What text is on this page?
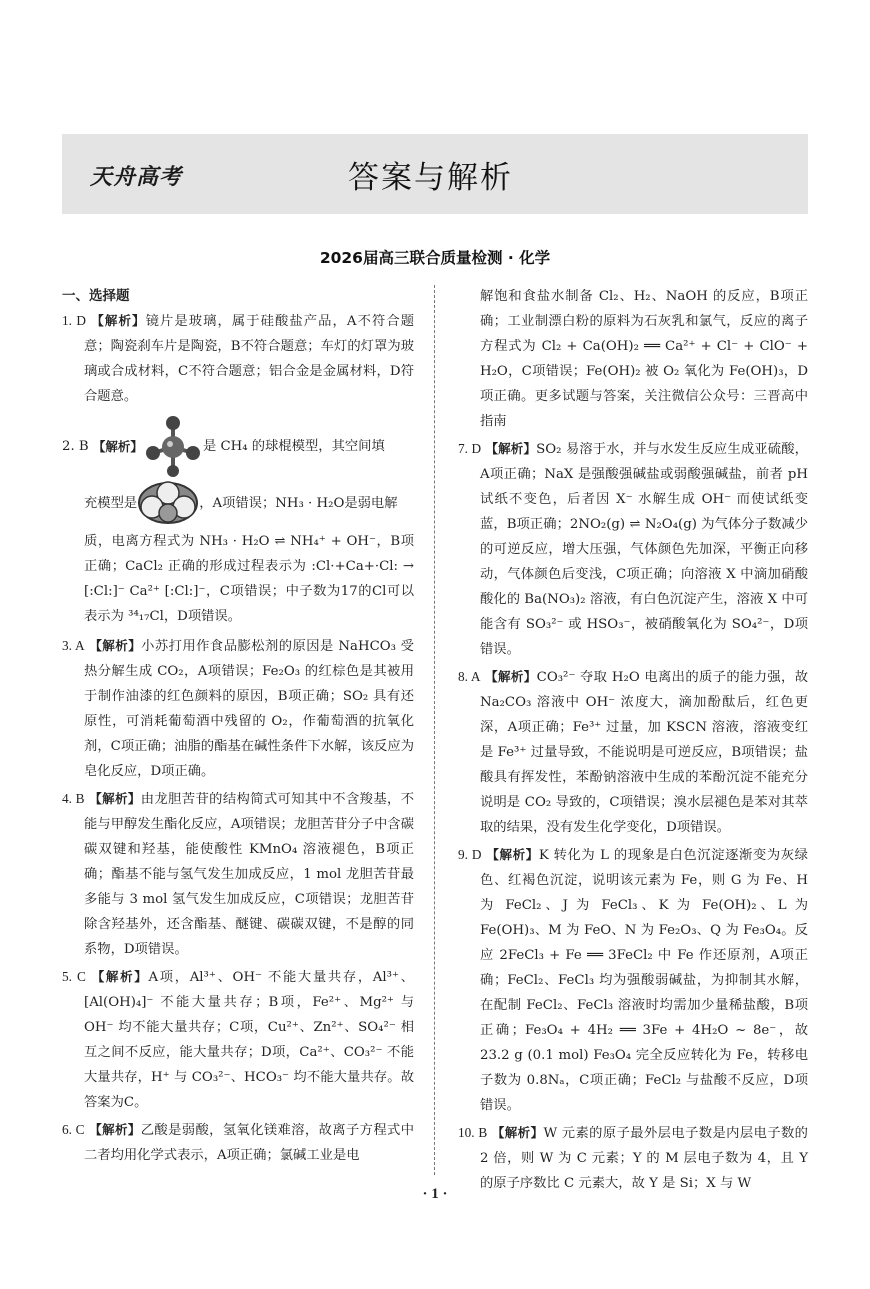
天舟高考	答案与解析
2026届高三联合质量检测 · 化学
一、选择题

1. D 【解析】镜片是玻璃，属于硅酸盐产品，A不符合题意；陶瓷刹车片是陶瓷，B不符合题意；车灯的灯罩为玻璃或合成材料，C不符合题意；铝合金是金属材料，D符合题意。

2. B
【解析】	是 CH₄ 的球棍模型，其空间填
充模型是	，A项错误；NH₃ · H₂O是弱电解

质，电离方程式为 NH₃ · H₂O ⇌ NH₄⁺ + OH⁻，B项正确；CaCl₂ 正确的形成过程表示为 :Cl·+Ca+·Cl: → [:Cl:]⁻ Ca²⁺ [:Cl:]⁻，C项错误；中子数为17的Cl可以表示为 ³⁴₁₇Cl，D项错误。

3. A 【解析】小苏打用作食品膨松剂的原因是 NaHCO₃ 受热分解生成 CO₂，A项错误；Fe₂O₃ 的红棕色是其被用于制作油漆的红色颜料的原因，B项正确；SO₂ 具有还原性，可消耗葡萄酒中残留的 O₂，作葡萄酒的抗氧化剂，C项正确；油脂的酯基在碱性条件下水解，该反应为皂化反应，D项正确。

4. B 【解析】由龙胆苦苷的结构简式可知其中不含羧基，不能与甲醇发生酯化反应，A项错误；龙胆苦苷分子中含碳碳双键和羟基，能使酸性 KMnO₄ 溶液褪色，B项正确；酯基不能与氢气发生加成反应，1 mol 龙胆苦苷最多能与 3 mol 氢气发生加成反应，C项错误；龙胆苦苷除含羟基外，还含酯基、醚键、碳碳双键，不是醇的同系物，D项错误。

5. C 【解析】A项，Al³⁺、OH⁻ 不能大量共存，Al³⁺、[Al(OH)₄]⁻ 不能大量共存；B项，Fe²⁺、Mg²⁺ 与 OH⁻ 均不能大量共存；C项，Cu²⁺、Zn²⁺、SO₄²⁻ 相互之间不反应，能大量共存；D项，Ca²⁺、CO₃²⁻ 不能大量共存，H⁺ 与 CO₃²⁻、HCO₃⁻ 均不能大量共存。故答案为C。

6. C 【解析】乙酸是弱酸，氢氧化镁难溶，故离子方程式中二者均用化学式表示，A项正确；氯碱工业是电

解饱和食盐水制备 Cl₂、H₂、NaOH 的反应，B项正确；工业制漂白粉的原料为石灰乳和氯气，反应的离子方程式为 Cl₂ + Ca(OH)₂ ══ Ca²⁺ + Cl⁻ + ClO⁻ + H₂O，C项错误；Fe(OH)₂ 被 O₂ 氧化为 Fe(OH)₃，D项正确。更多试题与答案，关注微信公众号：三晋高中指南

7. D 【解析】SO₂ 易溶于水，并与水发生反应生成亚硫酸，A项正确；NaX 是强酸强碱盐或弱酸强碱盐，前者 pH 试纸不变色，后者因 X⁻ 水解生成 OH⁻ 而使试纸变蓝，B项正确；2NO₂(g) ⇌ N₂O₄(g) 为气体分子数减少的可逆反应，增大压强，气体颜色先加深，平衡正向移动，气体颜色后变浅，C项正确；向溶液 X 中滴加硝酸酸化的 Ba(NO₃)₂ 溶液，有白色沉淀产生，溶液 X 中可能含有 SO₃²⁻ 或 HSO₃⁻，被硝酸氧化为 SO₄²⁻，D项错误。

8. A 【解析】CO₃²⁻ 夺取 H₂O 电离出的质子的能力强，故 Na₂CO₃ 溶液中 OH⁻ 浓度大，滴加酚酞后，红色更深，A项正确；Fe³⁺ 过量，加 KSCN 溶液，溶液变红是 Fe³⁺ 过量导致，不能说明是可逆反应，B项错误；盐酸具有挥发性，苯酚钠溶液中生成的苯酚沉淀不能充分说明是 CO₂ 导致的，C项错误；溴水层褪色是苯对其萃取的结果，没有发生化学变化，D项错误。

9. D 【解析】K 转化为 L 的现象是白色沉淀逐渐变为灰绿色、红褐色沉淀，说明该元素为 Fe，则 G 为 Fe、H 为 FeCl₂、J 为 FeCl₃、K 为 Fe(OH)₂、L 为 Fe(OH)₃、M 为 FeO、N 为 Fe₂O₃、Q 为 Fe₃O₄。反应 2FeCl₃ + Fe ══ 3FeCl₂ 中 Fe 作还原剂，A项正确；FeCl₂、FeCl₃ 均为强酸弱碱盐，为抑制其水解，在配制 FeCl₂、FeCl₃ 溶液时均需加少量稀盐酸，B项正确；Fe₃O₄ + 4H₂ ══ 3Fe + 4H₂O ~ 8e⁻，故 23.2 g (0.1 mol) Fe₃O₄ 完全反应转化为 Fe，转移电子数为 0.8Nₐ，C项正确；FeCl₂ 与盐酸不反应，D项错误。

10. B 【解析】W 元素的原子最外层电子数是内层电子数的 2 倍，则 W 为 C 元素；Y 的 M 层电子数为 4，且 Y 的原子序数比 C 元素大，故 Y 是 Si；X 与 W

· 1 ·
